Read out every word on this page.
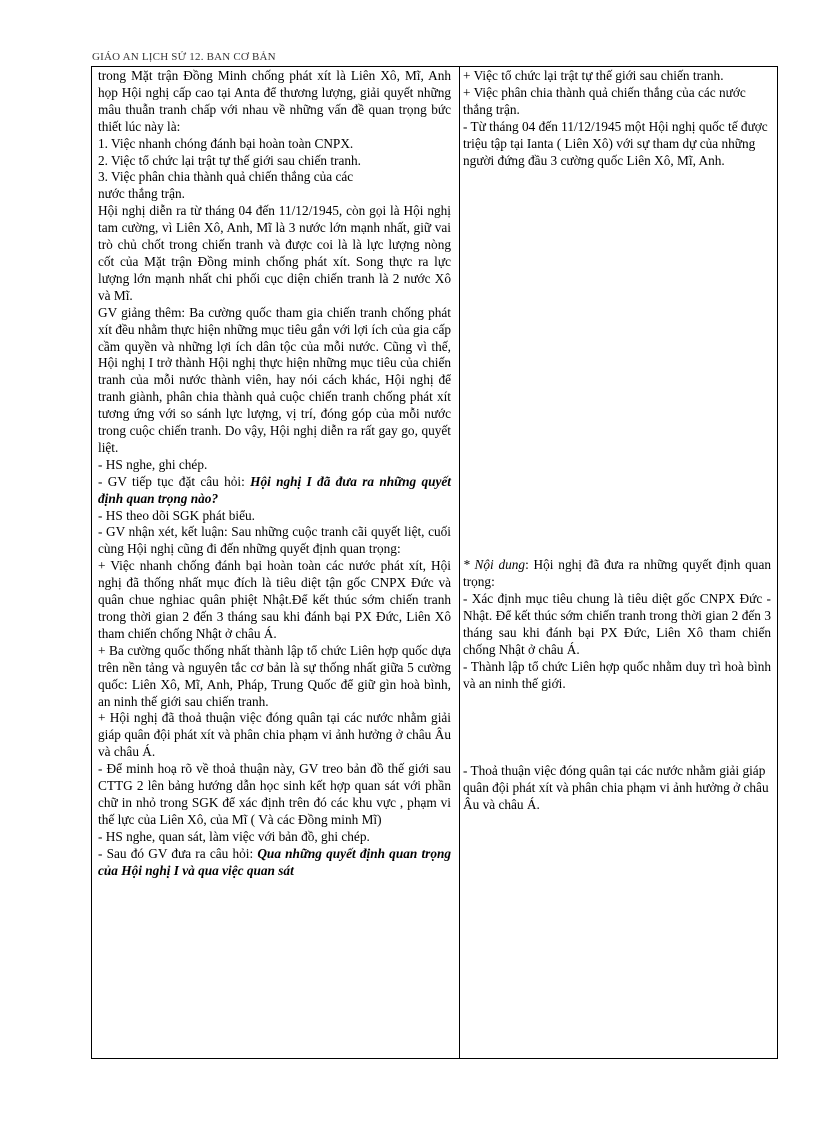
GIÁO AN LỊCH SỬ 12. BAN CƠ BẢN

trong Mặt trận Đồng Minh chống phát xít là Liên Xô, Mĩ, Anh họp Hội nghị cấp cao tại Anta để thương lượng, giải quyết những mâu thuẫn tranh chấp với nhau về những vấn đề quan trọng bức thiết lúc này là:

1. Việc nhanh chóng đánh bại hoàn toàn CNPX.

2. Việc tổ chức lại trật tự thế giới sau chiến tranh.

3. Việc phân chia thành quả chiến thắng của các nước thắng trận.

Hội nghị diễn ra từ tháng 04 đến 11/12/1945, còn gọi là Hội nghị tam cường, vì Liên Xô, Anh, Mĩ là 3 nước lớn mạnh nhất, giữ vai trò chủ chốt trong chiến tranh và được coi là là lực lượng nòng cốt của Mặt trận Đồng minh chống phát xít. Song thực ra lực lượng lớn mạnh nhất chi phối cục diện chiến tranh là 2 nước Xô và Mĩ.

GV giảng thêm: Ba cường quốc tham gia chiến tranh chống phát xít đều nhằm thực hiện những mục tiêu gắn với lợi ích của gia cấp cầm quyền và những lợi ích dân tộc của mỗi nước. Cũng vì thế, Hội nghị I trở thành Hội nghị thực hiện những mục tiêu của chiến tranh của mỗi nước thành viên, hay nói cách khác, Hội nghị để tranh giành, phân chia thành quả cuộc chiến tranh chống phát xít tương ứng với so sánh lực lượng, vị trí, đóng góp của mỗi nước trong cuộc chiến tranh. Do vậy, Hội nghị diễn ra rất gay go, quyết liệt.

- HS nghe, ghi chép.

- GV tiếp tục đặt câu hỏi: Hội nghị I đã đưa ra những quyết định quan trọng nào?

- HS theo dõi SGK phát biểu.

- GV nhận xét, kết luận: Sau những cuộc tranh cãi quyết liệt, cuối cùng Hội nghị cũng đi đến những quyết định quan trọng:

+ Việc nhanh chống đánh bại hoàn toàn các nước phát xít, Hội nghị đã thống nhất mục đích là tiêu diệt tận gốc CNPX Đức và quân chue nghiac quân phiệt Nhật.Để kết thúc sớm chiến tranh trong thời gian 2 đến 3 tháng sau khi đánh bại PX Đức, Liên Xô tham chiến chống Nhật ở châu Á.

+ Ba cường quốc thống nhất thành lập tổ chức Liên hợp quốc dựa trên nền tảng và nguyên tắc cơ bản là sự thống nhất giữa 5 cường quốc: Liên Xô, Mĩ, Anh, Pháp, Trung Quốc để giữ gìn hoà bình, an ninh thế giới sau chiến tranh.

+ Hội nghị đã thoả thuận việc đóng quân tại các nước nhằm giải giáp quân đội phát xít và phân chia phạm vi ảnh hưởng ở châu Âu và châu Á.

- Để minh hoạ rõ về thoả thuận này, GV treo bản đồ thế giới sau CTTG 2 lên bảng hướng dẫn học sinh kết hợp quan sát với phần chữ in nhỏ trong SGK để xác định trên đó các khu vực , phạm vi thế lực của Liên Xô, của Mĩ ( Và các Đồng minh Mĩ)

- HS nghe, quan sát, làm việc với bản đồ, ghi chép.

- Sau đó GV đưa ra câu hỏi: Qua những quyết định quan trọng của Hội nghị I và qua việc quan sát

+ Việc tổ chức lại trật tự thế giới sau chiến tranh.

+ Việc phân chia thành quả chiến thắng của các nước thắng trận.

- Từ tháng 04 đến 11/12/1945 một Hội nghị quốc tế được triệu tập tại Ianta ( Liên Xô) với sự tham dự của những người đứng đầu 3 cường quốc Liên Xô, Mĩ, Anh.

* Nội dung: Hội nghị đã đưa ra những quyết định quan trọng:

- Xác định mục tiêu chung là tiêu diệt gốc CNPX Đức - Nhật. Để kết thúc sớm chiến tranh trong thời gian 2 đến 3 tháng sau khi đánh bại PX Đức, Liên Xô tham chiến chống Nhật ở châu Á.

- Thành lập tổ chức Liên hợp quốc nhằm duy trì hoà bình và an ninh thế giới.

- Thoả thuận việc đóng quân tại các nước nhằm giải giáp quân đội phát xít và phân chia phạm vi ảnh hưởng ở châu Âu và châu Á.
